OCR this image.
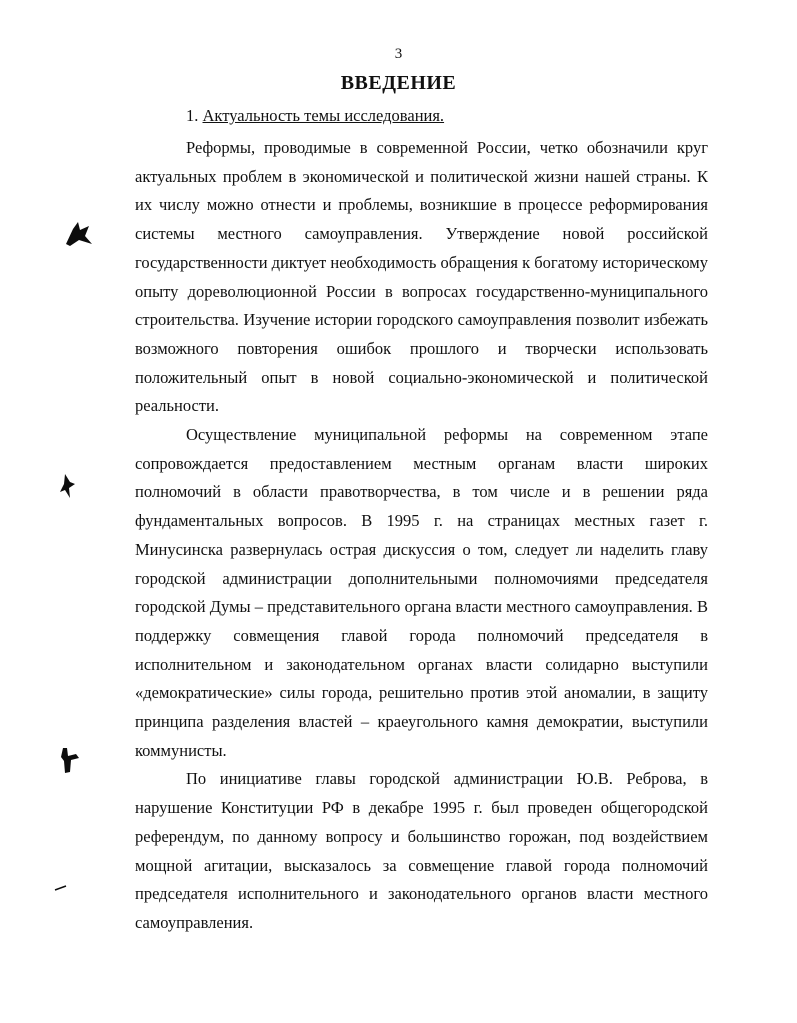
3
ВВЕДЕНИЕ
1. Актуальность темы исследования.

Реформы, проводимые в современной России, четко обозначили круг актуальных проблем в экономической и политической жизни нашей страны. К их числу можно отнести и проблемы, возникшие в процессе реформирования системы местного самоуправления. Утверждение новой российской государственности диктует необходимость обращения к богатому историческому опыту дореволюционной России в вопросах государственно-муниципального строительства. Изучение истории городского самоуправления позволит избежать возможного повторения ошибок прошлого и творчески использовать положительный опыт в новой социально-экономической и политической реальности.

Осуществление муниципальной реформы на современном этапе сопровождается предоставлением местным органам власти широких полномочий в области правотворчества, в том числе и в решении ряда фундаментальных вопросов. В 1995 г. на страницах местных газет г. Минусинска развернулась острая дискуссия о том, следует ли наделить главу городской администрации дополнительными полномочиями председателя городской Думы – представительного органа власти местного самоуправления. В поддержку совмещения главой города полномочий председателя в исполнительном и законодательном органах власти солидарно выступили «демократические» силы города, решительно против этой аномалии, в защиту принципа разделения властей – краеугольного камня демократии, выступили коммунисты.

По инициативе главы городской администрации Ю.В. Реброва, в нарушение Конституции РФ в декабре 1995 г. был проведен общегородской референдум, по данному вопросу и большинство горожан, под воздействием мощной агитации, высказалось за совмещение главой города полномочий председателя исполнительного и законодательного органов власти местного самоуправления.
